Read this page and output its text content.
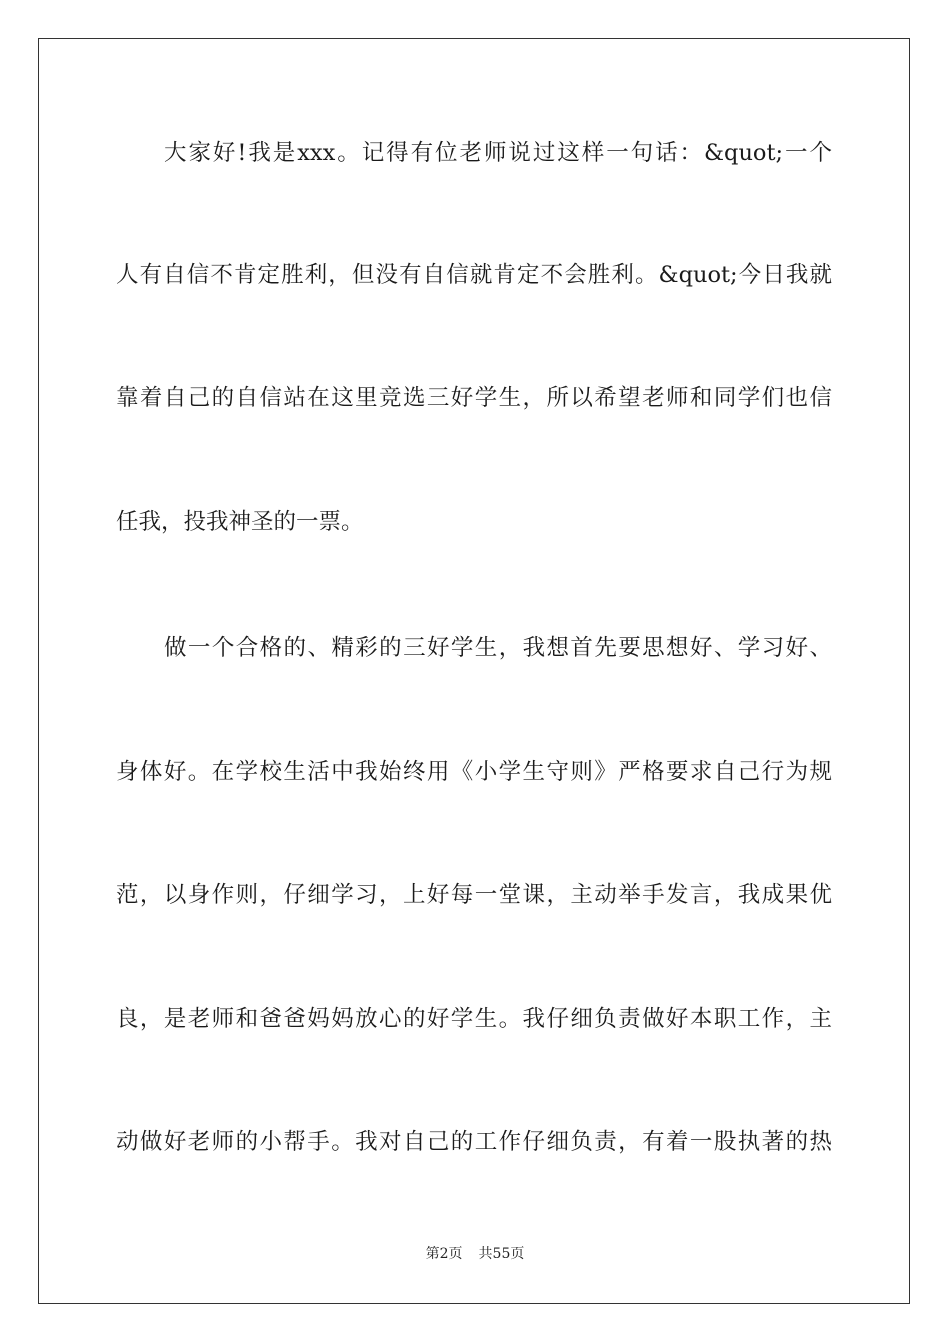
大家好!我是xxx。记得有位老师说过这样一句话：&quot;一个
人有自信不肯定胜利，但没有自信就肯定不会胜利。&quot;今日我就
靠着自己的自信站在这里竞选三好学生，所以希望老师和同学们也信
任我，投我神圣的一票。
做一个合格的、精彩的三好学生，我想首先要思想好、学习好、
身体好。在学校生活中我始终用《小学生守则》严格要求自己行为规
范，以身作则，仔细学习，上好每一堂课，主动举手发言，我成果优
良，是老师和爸爸妈妈放心的好学生。我仔细负责做好本职工作，主
动做好老师的小帮手。我对自己的工作仔细负责，有着一股执著的热
第2页 共55页
